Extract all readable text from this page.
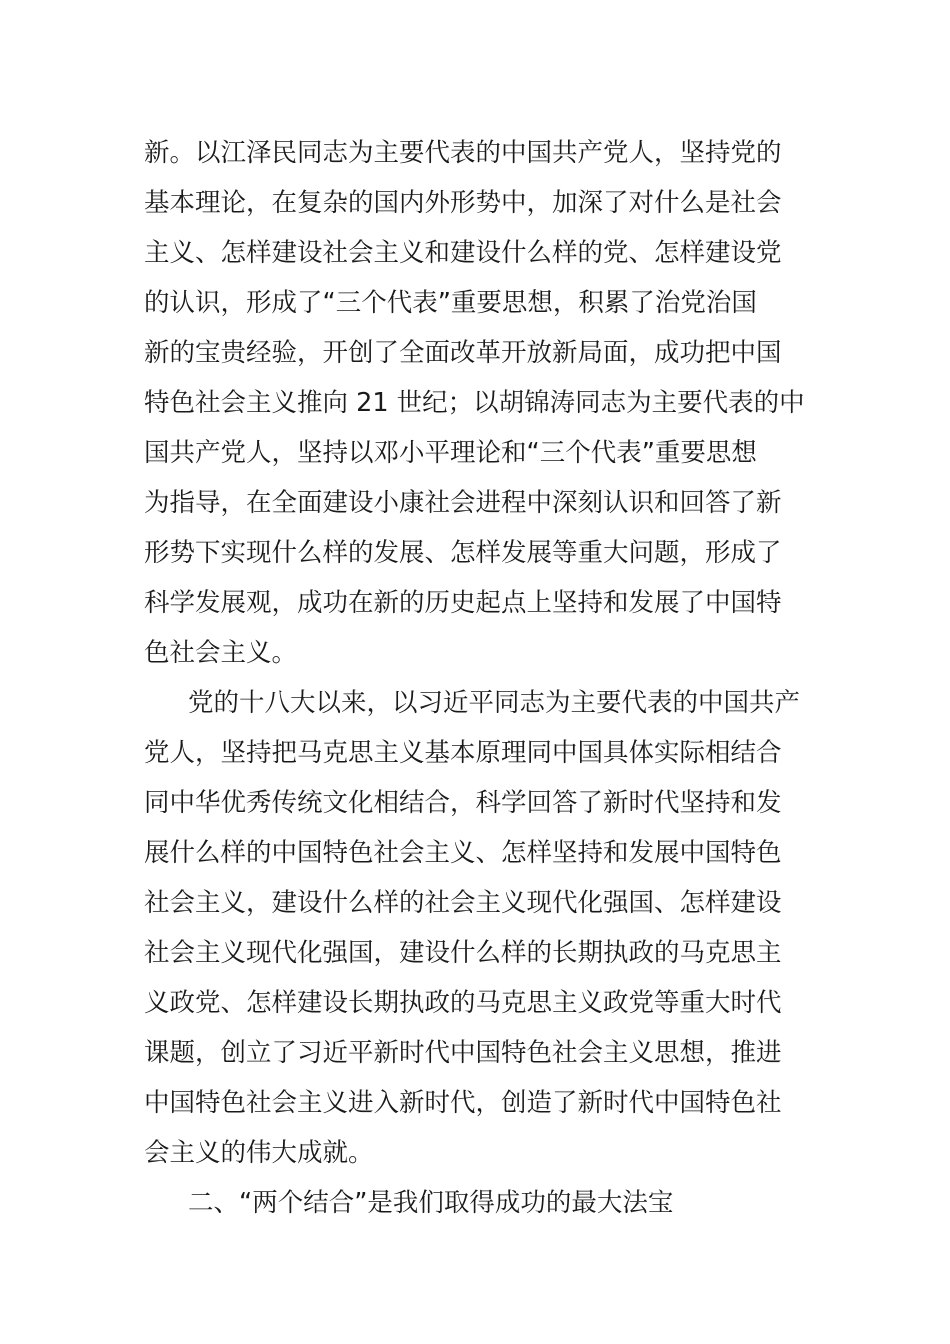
新。以江泽民同志为主要代表的中国共产党人，坚持党的
基本理论，在复杂的国内外形势中，加深了对什么是社会
主义、怎样建设社会主义和建设什么样的党、怎样建设党
的认识，形成了“三个代表”重要思想，积累了治党治国
新的宝贵经验，开创了全面改革开放新局面，成功把中国
特色社会主义推向 21 世纪；以胡锦涛同志为主要代表的中
国共产党人，坚持以邓小平理论和“三个代表”重要思想
为指导，在全面建设小康社会进程中深刻认识和回答了新
形势下实现什么样的发展、怎样发展等重大问题，形成了
科学发展观，成功在新的历史起点上坚持和发展了中国特
色社会主义。
党的十八大以来，以习近平同志为主要代表的中国共产
党人，坚持把马克思主义基本原理同中国具体实际相结合
同中华优秀传统文化相结合，科学回答了新时代坚持和发
展什么样的中国特色社会主义、怎样坚持和发展中国特色
社会主义，建设什么样的社会主义现代化强国、怎样建设
社会主义现代化强国，建设什么样的长期执政的马克思主
义政党、怎样建设长期执政的马克思主义政党等重大时代
课题，创立了习近平新时代中国特色社会主义思想，推进
中国特色社会主义进入新时代，创造了新时代中国特色社
会主义的伟大成就。
二、“两个结合”是我们取得成功的最大法宝
